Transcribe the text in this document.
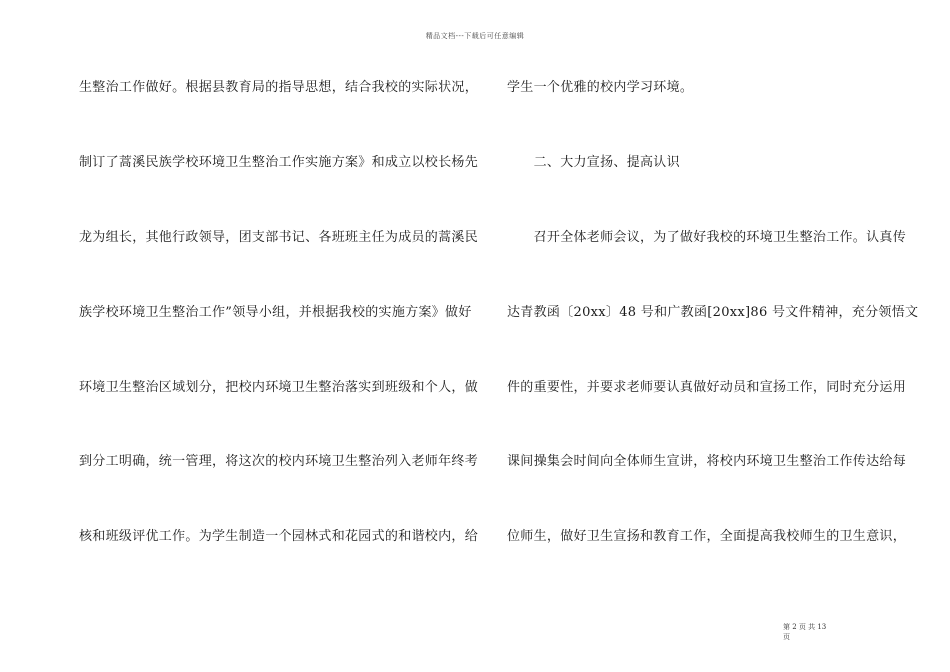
精品文档---下载后可任意编辑
生整治工作做好。根据县教育局的指导思想，结合我校的实际状况，
制订了蒿溪民族学校环境卫生整治工作实施方案》和成立以校长杨先
龙为组长，其他行政领导，团支部书记、各班班主任为成员的蒿溪民
族学校环境卫生整治工作”领导小组，并根据我校的实施方案》做好
环境卫生整治区域划分，把校内环境卫生整治落实到班级和个人，做
到分工明确，统一管理，将这次的校内环境卫生整治列入老师年终考
核和班级评优工作。为学生制造一个园林式和花园式的和谐校内，给
学生一个优雅的校内学习环境。
　　二、大力宣扬、提高认识
　　召开全体老师会议，为了做好我校的环境卫生整治工作。认真传
达青教函〔20xx〕48 号和广教函[20xx]86 号文件精神，充分领悟文
件的重要性，并要求老师要认真做好动员和宣扬工作，同时充分运用
课间操集会时间向全体师生宣讲，将校内环境卫生整治工作传达给每
位师生，做好卫生宣扬和教育工作，全面提高我校师生的卫生意识，
第 2 页 共 13
页
